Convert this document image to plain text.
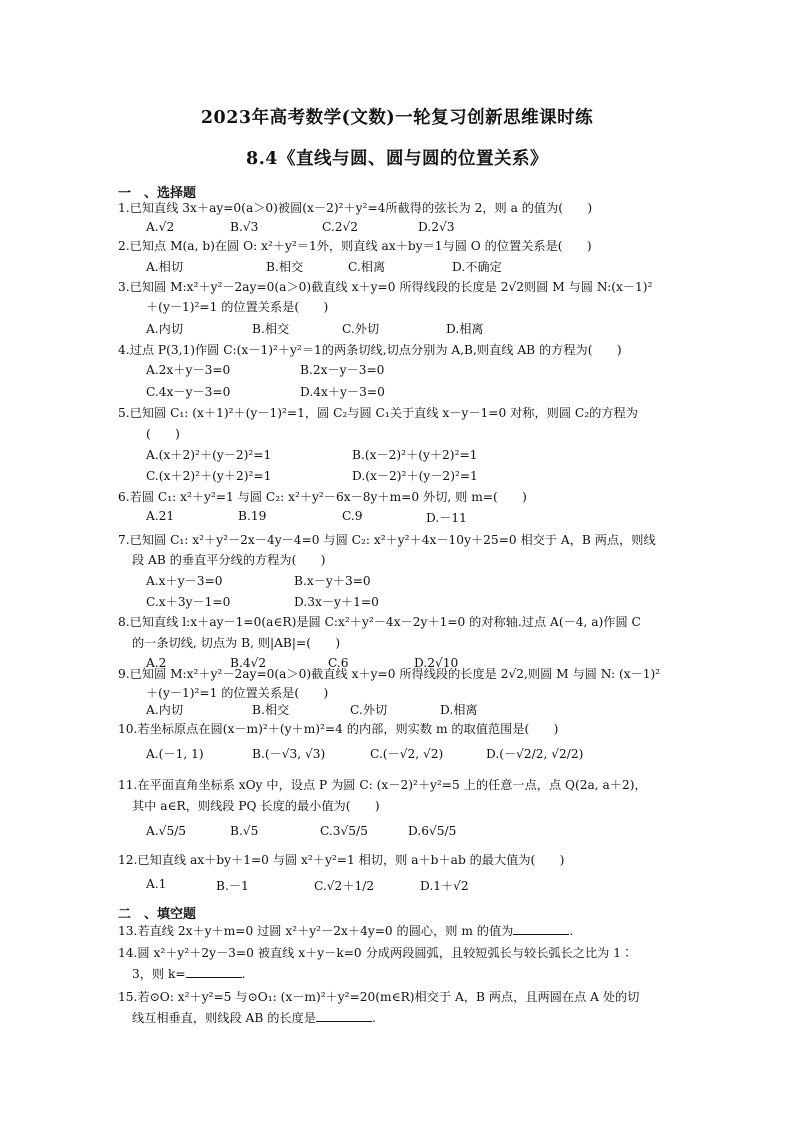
2023年高考数学(文数)一轮复习创新思维课时练
8.4《直线与圆、圆与圆的位置关系》
一　、选择题
1.已知直线 3x＋ay=0(a＞0)被圆(x－2)²＋y²=4所截得的弦长为 2，则 a 的值为(　　)
A.√2	B.√3	C.2√2	D.2√3
2.已知点 M(a, b)在圆 O: x²＋y²＝1外，则直线 ax＋by＝1与圆 O 的位置关系是(　　)
A.相切	B.相交	C.相离	D.不确定
3.已知圆 M:x²＋y²－2ay=0(a＞0)截直线 x＋y=0 所得线段的长度是 2√2则圆 M 与圆 N:(x－1)²
＋(y－1)²=1 的位置关系是(　　)
A.内切	B.相交	C.外切	D.相离
4.过点 P(3,1)作圆 C:(x－1)²＋y²＝1的两条切线,切点分别为 A,B,则直线 AB 的方程为(　　)
A.2x＋y－3=0	B.2x－y－3=0
C.4x－y－3=0	D.4x＋y－3=0
5.已知圆 C₁: (x＋1)²＋(y－1)²=1，圆 C₂与圆 C₁关于直线 x－y－1=0 对称，则圆 C₂的方程为
(　　)
A.(x＋2)²＋(y－2)²=1	B.(x－2)²＋(y＋2)²=1
C.(x＋2)²＋(y＋2)²=1	D.(x－2)²＋(y－2)²=1
6.若圆 C₁: x²＋y²=1 与圆 C₂: x²＋y²－6x－8y＋m=0 外切, 则 m=(　　)
A.21	B.19	C.9	D.－11
7.已知圆 C₁: x²＋y²－2x－4y－4=0 与圆 C₂: x²＋y²＋4x－10y＋25=0 相交于 A，B 两点，则线
段 AB 的垂直平分线的方程为(　　)
A.x＋y－3=0	B.x－y＋3=0
C.x＋3y－1=0	D.3x－y＋1=0
8.已知直线 l:x＋ay－1=0(a∈R)是圆 C:x²＋y²－4x－2y＋1=0 的对称轴.过点 A(－4, a)作圆 C
的一条切线, 切点为 B, 则|AB|=(　　)
A.2	B.4√2	C.6	D.2√10
9.已知圆 M:x²＋y²－2ay=0(a＞0)截直线 x＋y=0 所得线段的长度是 2√2,则圆 M 与圆 N: (x－1)²
＋(y－1)²=1 的位置关系是(　　)
A.内切	B.相交	C.外切	D.相离
10.若坐标原点在圆(x－m)²＋(y＋m)²=4 的内部，则实数 m 的取值范围是(　　)
A.(－1, 1)	B.(－√3, √3)	C.(－√2, √2)	D.(－√2/2, √2/2)
11.在平面直角坐标系 xOy 中，设点 P 为圆 C: (x－2)²＋y²=5 上的任意一点，点 Q(2a, a＋2)，
其中 a∈R，则线段 PQ 长度的最小值为(　　)
A.√5/5	B.√5	C.3√5/5	D.6√5/5
12.已知直线 ax＋by＋1=0 与圆 x²＋y²=1 相切，则 a＋b＋ab 的最大值为(　　)
A.1	B.－1	C.√2＋1/2	D.1＋√2
二　、填空题
13.若直线 2x＋y＋m=0 过圆 x²＋y²－2x＋4y=0 的圆心，则 m 的值为	.
14.圆 x²＋y²＋2y－3=0 被直线 x＋y－k=0 分成两段圆弧，且较短弧长与较长弧长之比为 1∶
3，则 k=	.
15.若⊙O: x²＋y²=5 与⊙O₁: (x－m)²＋y²=20(m∈R)相交于 A，B 两点，且两圆在点 A 处的切
线互相垂直，则线段 AB 的长度是	.
